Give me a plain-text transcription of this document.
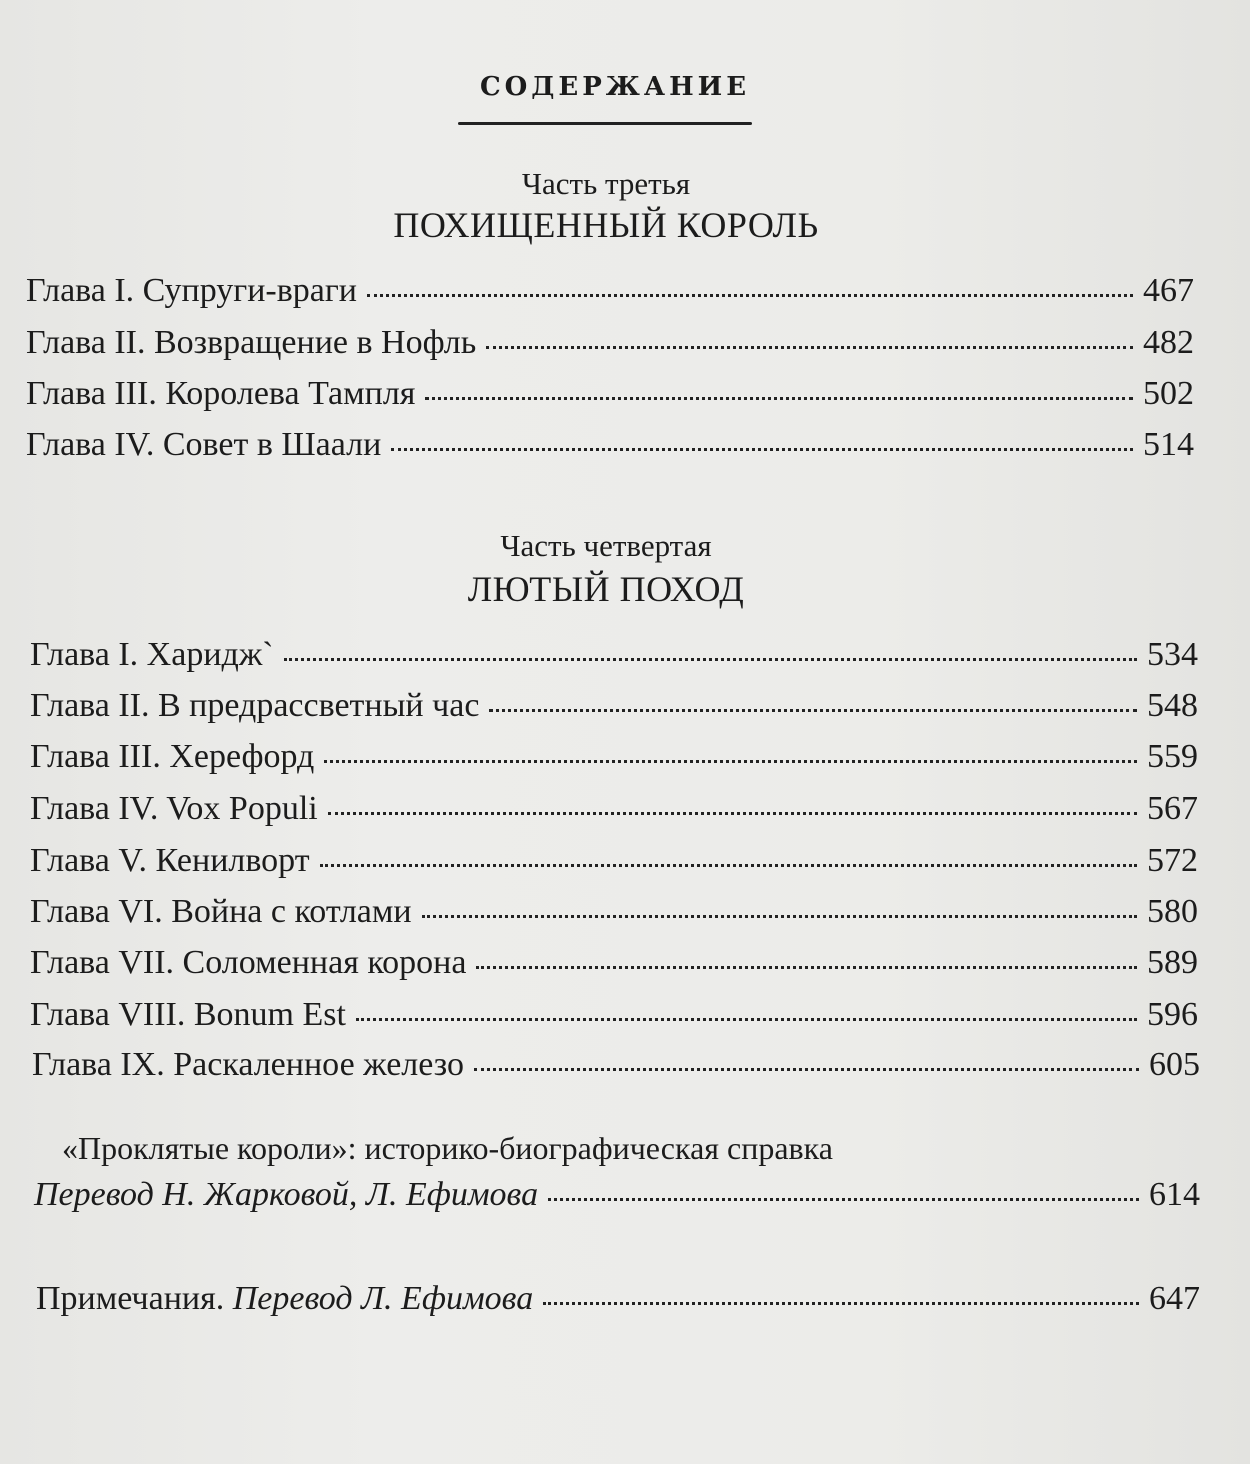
СОДЕРЖАНИЕ
Часть третья
ПОХИЩЕННЫЙ КОРОЛЬ
Глава I. Супруги-враги	467
Глава II. Возвращение в Нофль	482
Глава III. Королева Тампля	502
Глава IV. Совет в Шаали	514
Часть четвертая
ЛЮТЫЙ ПОХОД
Глава I. Хариджˋ	534
Глава II. В предрассветный час	548
Глава III. Херефорд	559
Глава IV. Vox Populi	567
Глава V. Кенилворт	572
Глава VI. Война с котлами	580
Глава VII. Соломенная корона	589
Глава VIII. Bonum Est	596
Глава IX. Раскаленное железо	605
«Проклятые короли»: историко-биографическая справка
Перевод Н. Жарковой, Л. Ефимова	614
Примечания. Перевод Л. Ефимова	647
